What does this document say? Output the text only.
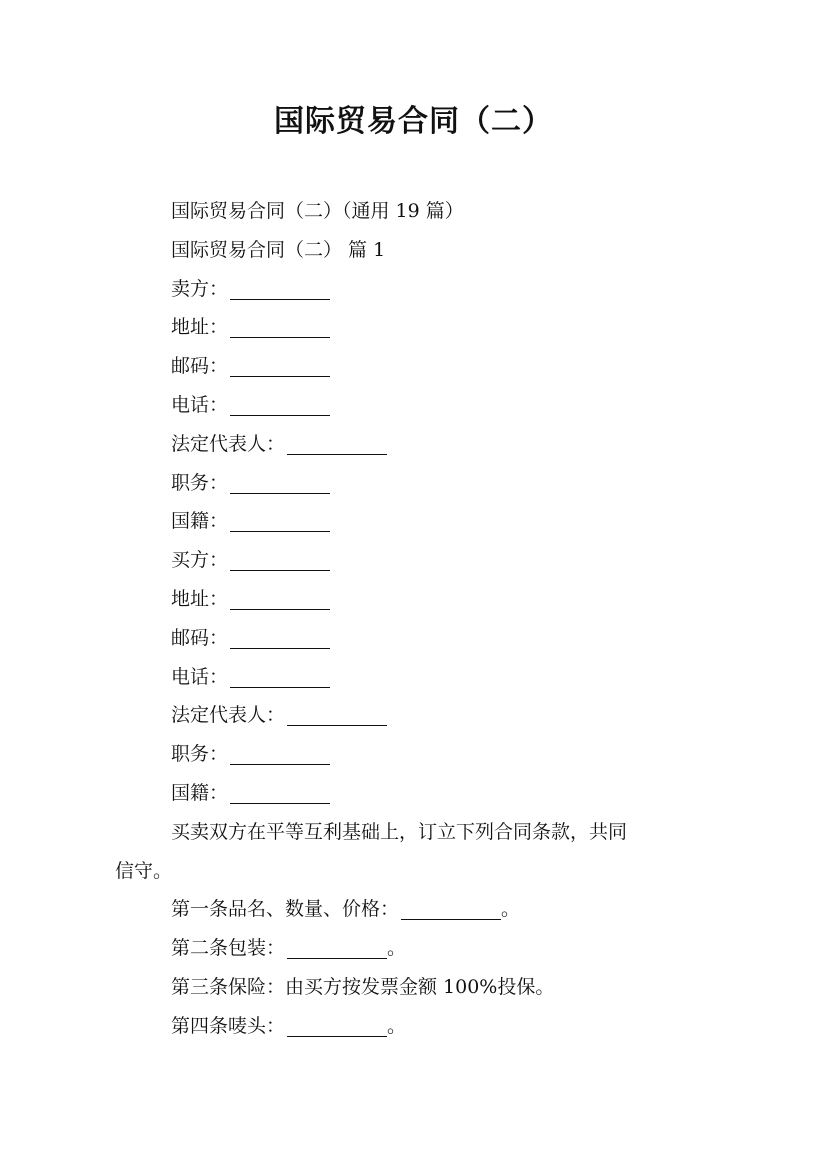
国际贸易合同（二）
国际贸易合同（二）（通用 19 篇）
国际贸易合同（二） 篇 1
卖方：
地址：
邮码：
电话：
法定代表人：
职务：
国籍：
买方：
地址：
邮码：
电话：
法定代表人：
职务：
国籍：
买卖双方在平等互利基础上，订立下列合同条款，共同
信守。
第一条品名、数量、价格：	。
第二条包装：	。
第三条保险：由买方按发票金额 100%投保。
第四条唛头：	。
